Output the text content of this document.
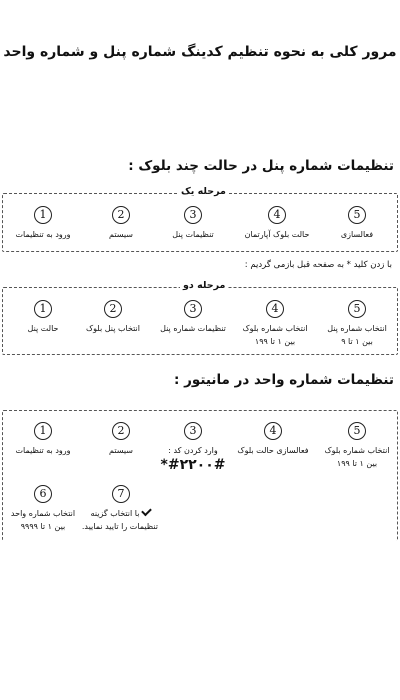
مرور کلی به نحوه تنظیم کدینگ شماره پنل و شماره واحد
تنظیمات شماره پنل در حالت چند بلوک :
مرحله یک
5
فعالسازی
4
حالت بلوک آپارتمان
3
تنظیمات پنل
2
سیستم
1
ورود به تنظیمات
با زدن کلید * به صفحه قبل بازمی گردیم :
مرحله دو
5
انتخاب شماره پنل
بین ۱ تا ۹
4
انتخاب شماره بلوک
بین ۱ تا ۱۹۹
3
تنظیمات شماره پنل
2
انتخاب پنل بلوک
1
حالت پنل
تنظیمات شماره واحد در مانیتور :
5
انتخاب شماره بلوک
بین ۱ تا ۱۹۹
4
فعالسازی حالت بلوک
3
وارد کردن کد :
*#۲۲۰۰#
2
سیستم
1
ورود به تنظیمات
7
با انتخاب گزینه
تنظیمات را تایید نمایید.
6
انتخاب شماره واحد
بین ۱ تا ۹۹۹۹
